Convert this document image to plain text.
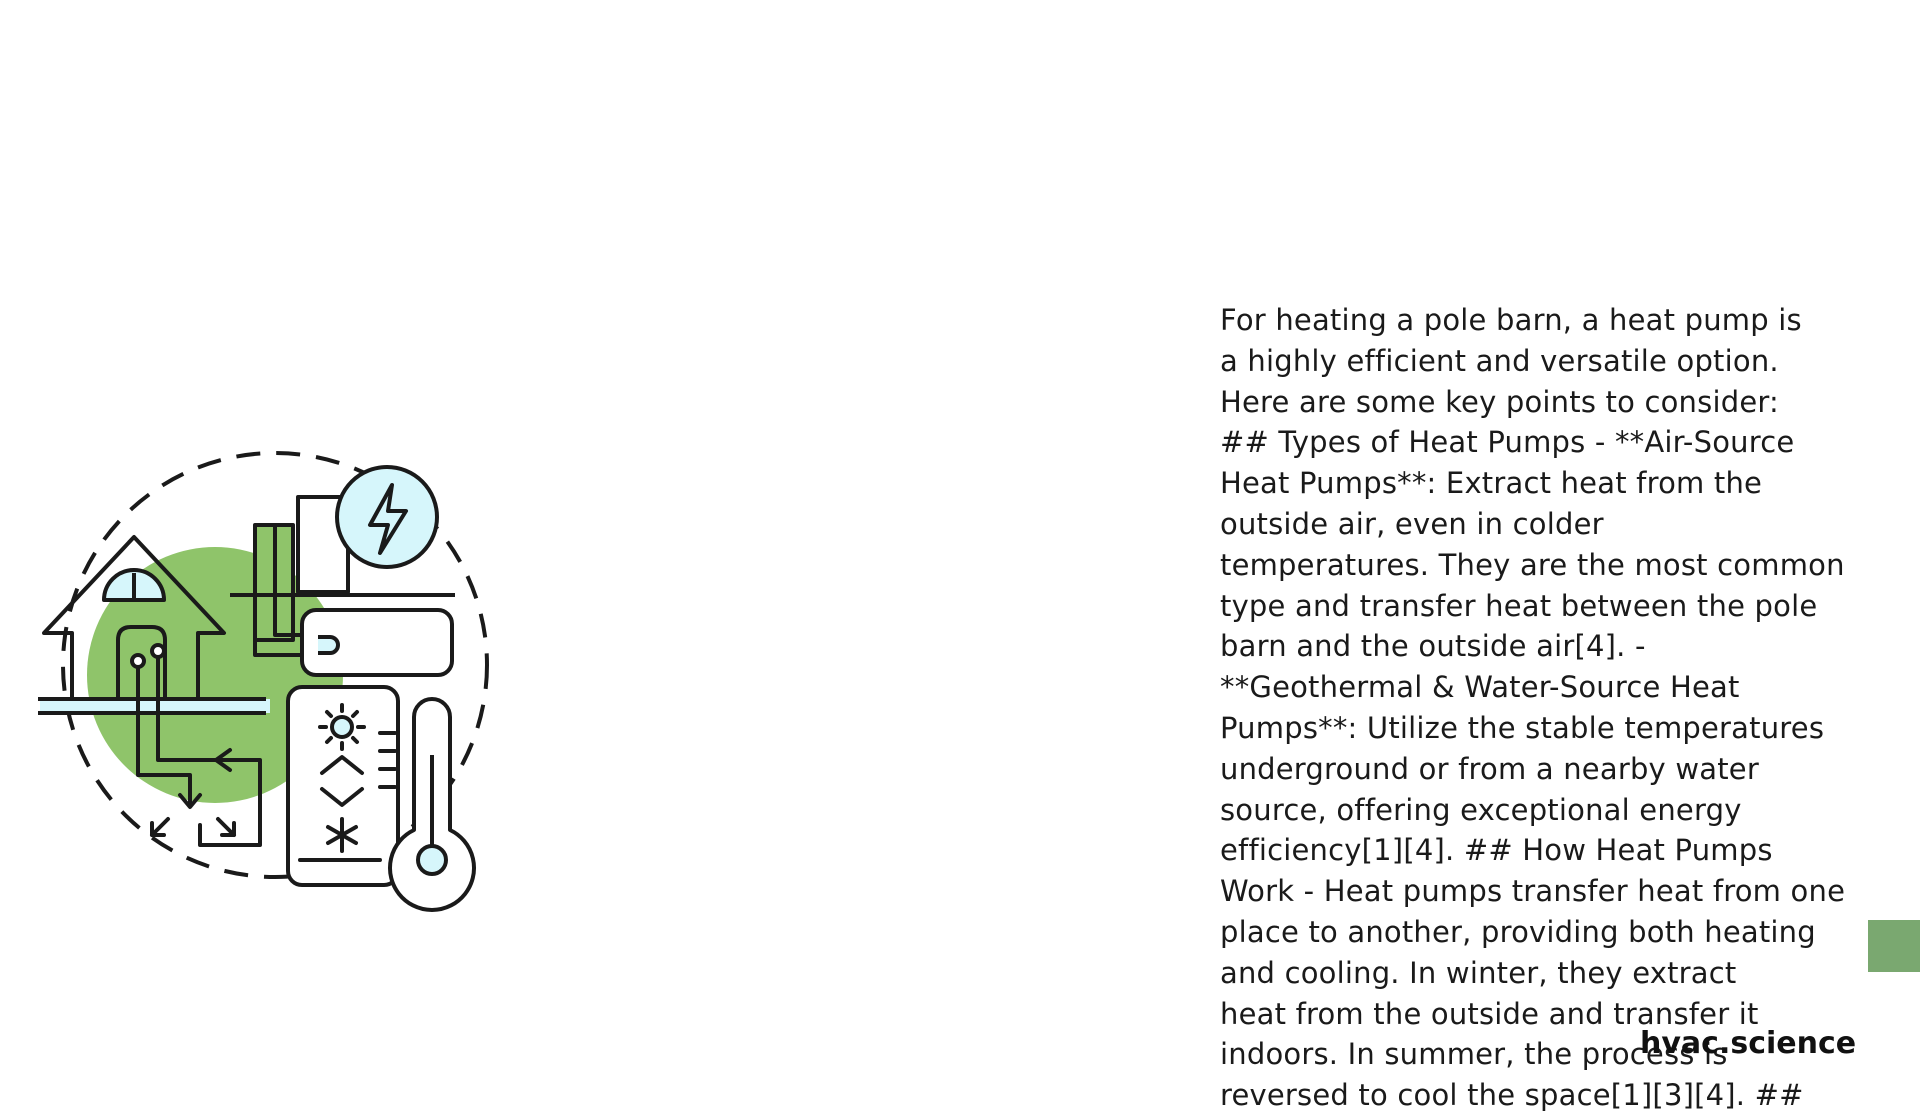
For heating a pole barn, a heat pump is
a highly efficient and versatile option.
Here are some key points to consider:
## Types of Heat Pumps - **Air-Source
Heat Pumps**: Extract heat from the
outside air, even in colder
temperatures. They are the most common
type and transfer heat between the pole
barn and the outside air[4]. -
**Geothermal & Water-Source Heat
Pumps**: Utilize the stable temperatures
underground or from a nearby water
source, offering exceptional energy
efficiency[1][4]. ## How Heat Pumps
Work - Heat pumps transfer heat from one
place to another, providing both heating
and cooling. In winter, they extract
heat from the outside and transfer it
indoors. In summer, the process is
reversed to cool the space[1][3][4]. ##
hvac.science
